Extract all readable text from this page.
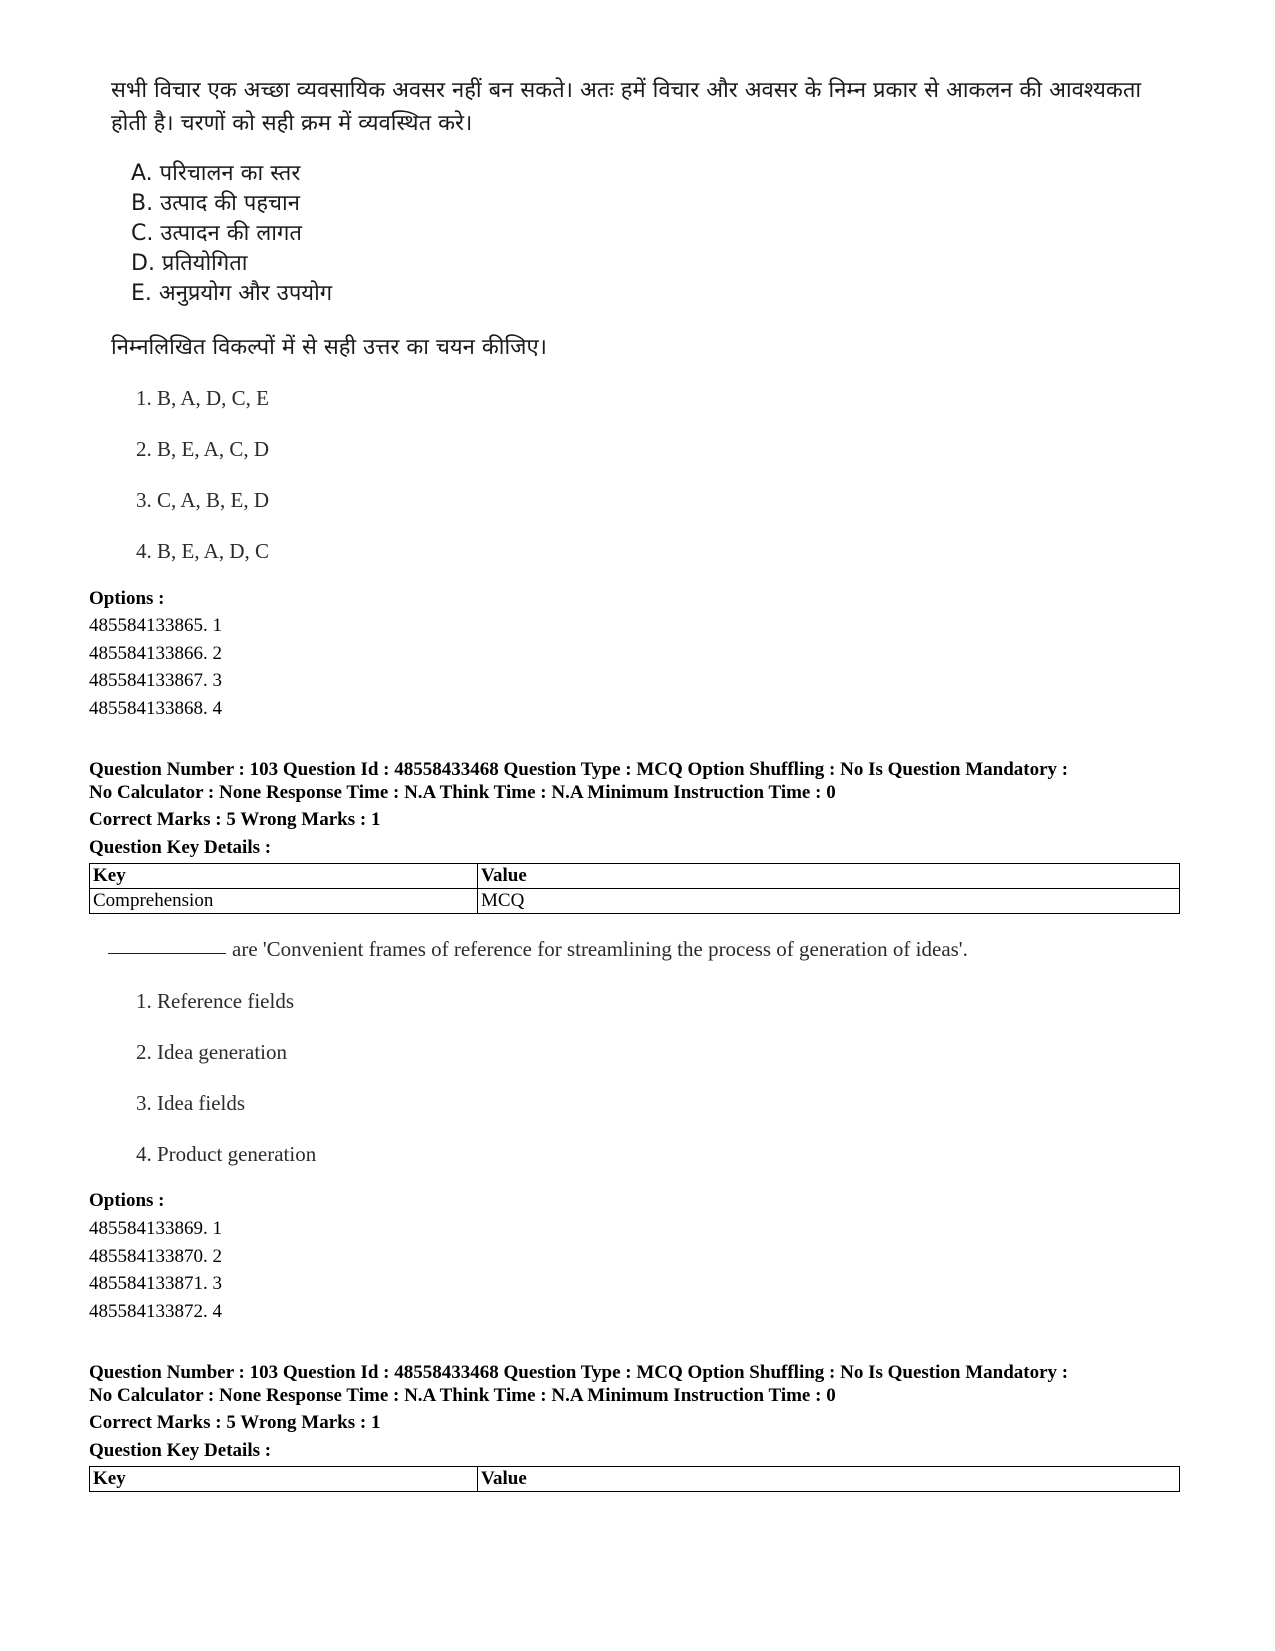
सभी विचार एक अच्छा व्यवसायिक अवसर नहीं बन सकते। अतः हमें विचार और अवसर के निम्न प्रकार से आकलन की आवश्यकता होती है। चरणों को सही क्रम में व्यवस्थित करे।
A. परिचालन का स्तर
B. उत्पाद की पहचान
C. उत्पादन की लागत
D. प्रतियोगिता
E. अनुप्रयोग और उपयोग
निम्नलिखित विकल्पों में से सही उत्तर का चयन कीजिए।
1. B, A, D, C, E
2. B, E, A, C, D
3. C, A, B, E, D
4. B, E, A, D, C
Options :
485584133865. 1
485584133866. 2
485584133867. 3
485584133868. 4
Question Number : 103 Question Id : 48558433468 Question Type : MCQ Option Shuffling : No Is Question Mandatory :
No Calculator : None Response Time : N.A Think Time : N.A Minimum Instruction Time : 0
Correct Marks : 5 Wrong Marks : 1
Question Key Details :
Key	Value
Comprehension	MCQ
are 'Convenient frames of reference for streamlining the process of generation of ideas'.
1. Reference fields
2. Idea generation
3. Idea fields
4. Product generation
Options :
485584133869. 1
485584133870. 2
485584133871. 3
485584133872. 4
Question Number : 103 Question Id : 48558433468 Question Type : MCQ Option Shuffling : No Is Question Mandatory :
No Calculator : None Response Time : N.A Think Time : N.A Minimum Instruction Time : 0
Correct Marks : 5 Wrong Marks : 1
Question Key Details :
Key	Value
